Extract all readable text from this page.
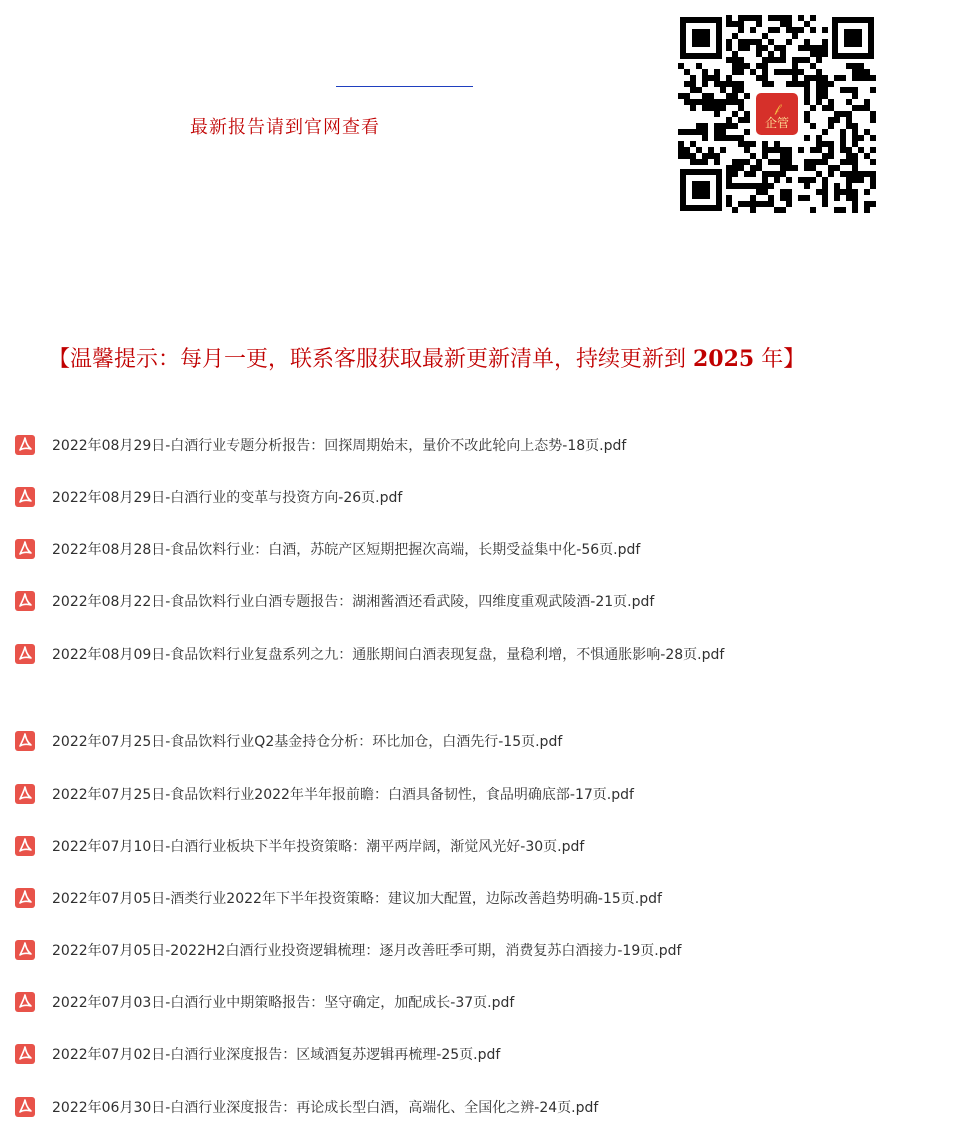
最新报告请到官网查看
𝒻
企管
【温馨提示：每月一更，联系客服获取最新更新清单，持续更新到 2025 年】
2022年08月29日-白酒行业专题分析报告：回探周期始末，量价不改此轮向上态势-18页.pdf
2022年08月29日-白酒行业的变革与投资方向-26页.pdf
2022年08月28日-食品饮料行业：白酒，苏皖产区短期把握次高端，长期受益集中化-56页.pdf
2022年08月22日-食品饮料行业白酒专题报告：湖湘酱酒还看武陵，四维度重观武陵酒-21页.pdf
2022年08月09日-食品饮料行业复盘系列之九：通胀期间白酒表现复盘，量稳利增，不惧通胀影响-28页.pdf
2022年07月25日-食品饮料行业Q2基金持仓分析：环比加仓，白酒先行-15页.pdf
2022年07月25日-食品饮料行业2022年半年报前瞻：白酒具备韧性，食品明确底部-17页.pdf
2022年07月10日-白酒行业板块下半年投资策略：潮平两岸阔，渐觉风光好-30页.pdf
2022年07月05日-酒类行业2022年下半年投资策略：建议加大配置，边际改善趋势明确-15页.pdf
2022年07月05日-2022H2白酒行业投资逻辑梳理：逐月改善旺季可期，消费复苏白酒接力-19页.pdf
2022年07月03日-白酒行业中期策略报告：坚守确定，加配成长-37页.pdf
2022年07月02日-白酒行业深度报告：区域酒复苏逻辑再梳理-25页.pdf
2022年06月30日-白酒行业深度报告：再论成长型白酒，高端化、全国化之辨-24页.pdf
